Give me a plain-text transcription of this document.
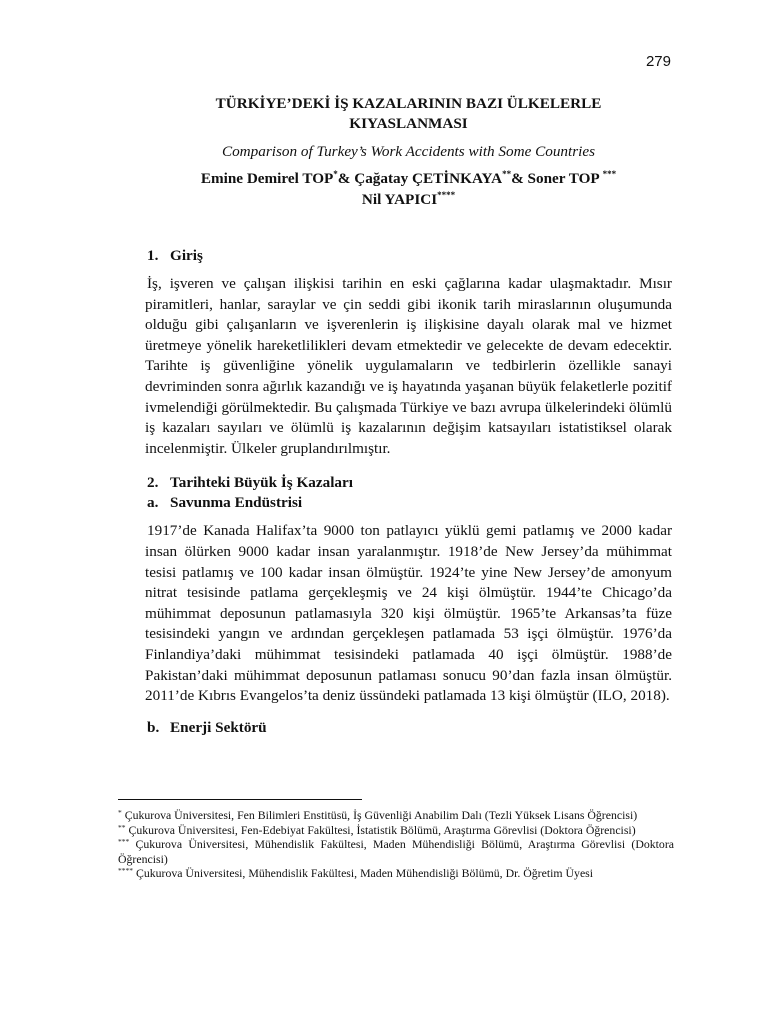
279
TÜRKİYE’DEKİ İŞ KAZALARININ BAZI ÜLKELERLE
KIYASLANMASI
Comparison of Turkey’s Work Accidents with Some Countries
Emine Demirel TOP*& Çağatay ÇETİNKAYA**& Soner TOP ***
Nil YAPICI****
1. Giriş

İş, işveren ve çalışan ilişkisi tarihin en eski çağlarına kadar ulaşmaktadır. Mısır piramitleri, hanlar, saraylar ve çin seddi gibi ikonik tarih miraslarının oluşumunda olduğu gibi çalışanların ve işverenlerin iş ilişkisine dayalı olarak mal ve hizmet üretmeye yönelik hareketlilikleri devam etmektedir ve gelecekte de devam edecektir. Tarihte iş güvenliğine yönelik uygulamaların ve tedbirlerin özellikle sanayi devriminden sonra ağırlık kazandığı ve iş hayatında yaşanan büyük felaketlerle pozitif ivmelendiği görülmektedir. Bu çalışmada Türkiye ve bazı avrupa ülkelerindeki ölümlü iş kazaları sayıları ve ölümlü iş kazalarının değişim katsayıları istatistiksel olarak incelenmiştir. Ülkeler gruplandırılmıştır.

2. Tarihteki Büyük İş Kazaları
a. Savunma Endüstrisi

1917’de Kanada Halifax’ta 9000 ton patlayıcı yüklü gemi patlamış ve 2000 kadar insan ölürken 9000 kadar insan yaralanmıştır. 1918’de New Jersey’da mühimmat tesisi patlamış ve 100 kadar insan ölmüştür. 1924’te yine New Jersey’de amonyum nitrat tesisinde patlama gerçekleşmiş ve 24 kişi ölmüştür. 1944’te Chicago’da mühimmat deposunun patlamasıyla 320 kişi ölmüştür. 1965’te Arkansas’ta füze tesisindeki yangın ve ardından gerçekleşen patlamada 53 işçi ölmüştür. 1976’da Finlandiya’daki mühimmat tesisindeki patlamada 40 işçi ölmüştür. 1988’de Pakistan’daki mühimmat deposunun patlaması sonucu 90’dan fazla insan ölmüştür. 2011’de Kıbrıs Evangelos’ta deniz üssündeki patlamada 13 kişi ölmüştür (ILO, 2018).

b. Enerji Sektörü
* Çukurova Üniversitesi, Fen Bilimleri Enstitüsü, İş Güvenliği Anabilim Dalı (Tezli Yüksek Lisans Öğrencisi)
** Çukurova Üniversitesi, Fen-Edebiyat Fakültesi, İstatistik Bölümü, Araştırma Görevlisi (Doktora Öğrencisi)
*** Çukurova Üniversitesi, Mühendislik Fakültesi, Maden Mühendisliği Bölümü, Araştırma Görevlisi (Doktora Öğrencisi)
**** Çukurova Üniversitesi, Mühendislik Fakültesi, Maden Mühendisliği Bölümü, Dr. Öğretim Üyesi
